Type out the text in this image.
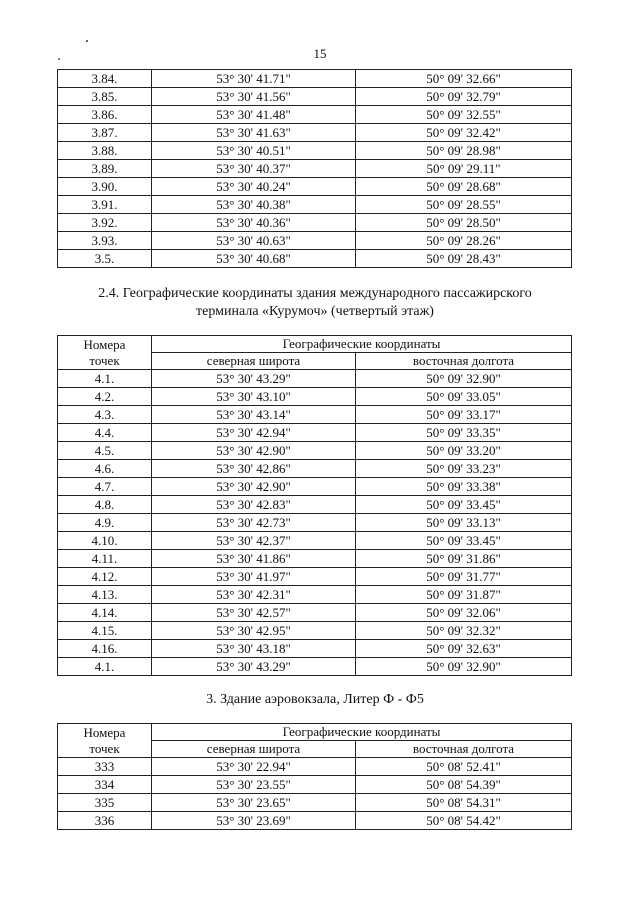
15
3.84.	53° 30' 41.71"	50° 09' 32.66"
3.85.	53° 30' 41.56"	50° 09' 32.79"
3.86.	53° 30' 41.48"	50° 09' 32.55"
3.87.	53° 30' 41.63"	50° 09' 32.42"
3.88.	53° 30' 40.51"	50° 09' 28.98"
3.89.	53° 30' 40.37"	50° 09' 29.11"
3.90.	53° 30' 40.24"	50° 09' 28.68"
3.91.	53° 30' 40.38"	50° 09' 28.55"
3.92.	53° 30' 40.36"	50° 09' 28.50"
3.93.	53° 30' 40.63"	50° 09' 28.26"
3.5.	53° 30' 40.68"	50° 09' 28.43"
2.4. Географические координаты здания международного пассажирского
терминала «Курумоч» (четвертый этаж)
Номера
точек	Географические координаты	
	северная широта	восточная долгота
4.1.	53° 30' 43.29"	50° 09' 32.90"
4.2.	53° 30' 43.10"	50° 09' 33.05"
4.3.	53° 30' 43.14"	50° 09' 33.17"
4.4.	53° 30' 42.94"	50° 09' 33.35"
4.5.	53° 30' 42.90"	50° 09' 33.20"
4.6.	53° 30' 42.86"	50° 09' 33.23"
4.7.	53° 30' 42.90"	50° 09' 33.38"
4.8.	53° 30' 42.83"	50° 09' 33.45"
4.9.	53° 30' 42.73"	50° 09' 33.13"
4.10.	53° 30' 42.37"	50° 09' 33.45"
4.11.	53° 30' 41.86"	50° 09' 31.86"
4.12.	53° 30' 41.97"	50° 09' 31.77"
4.13.	53° 30' 42.31"	50° 09' 31.87"
4.14.	53° 30' 42.57"	50° 09' 32.06"
4.15.	53° 30' 42.95"	50° 09' 32.32"
4.16.	53° 30' 43.18"	50° 09' 32.63"
4.1.	53° 30' 43.29"	50° 09' 32.90"
3. Здание аэровокзала, Литер Ф - Ф5
Номера
точек	Географические координаты	
	северная широта	восточная долгота
333	53° 30' 22.94"	50° 08' 52.41"
334	53° 30' 23.55"	50° 08' 54.39"
335	53° 30' 23.65"	50° 08' 54.31"
336	53° 30' 23.69"	50° 08' 54.42"
